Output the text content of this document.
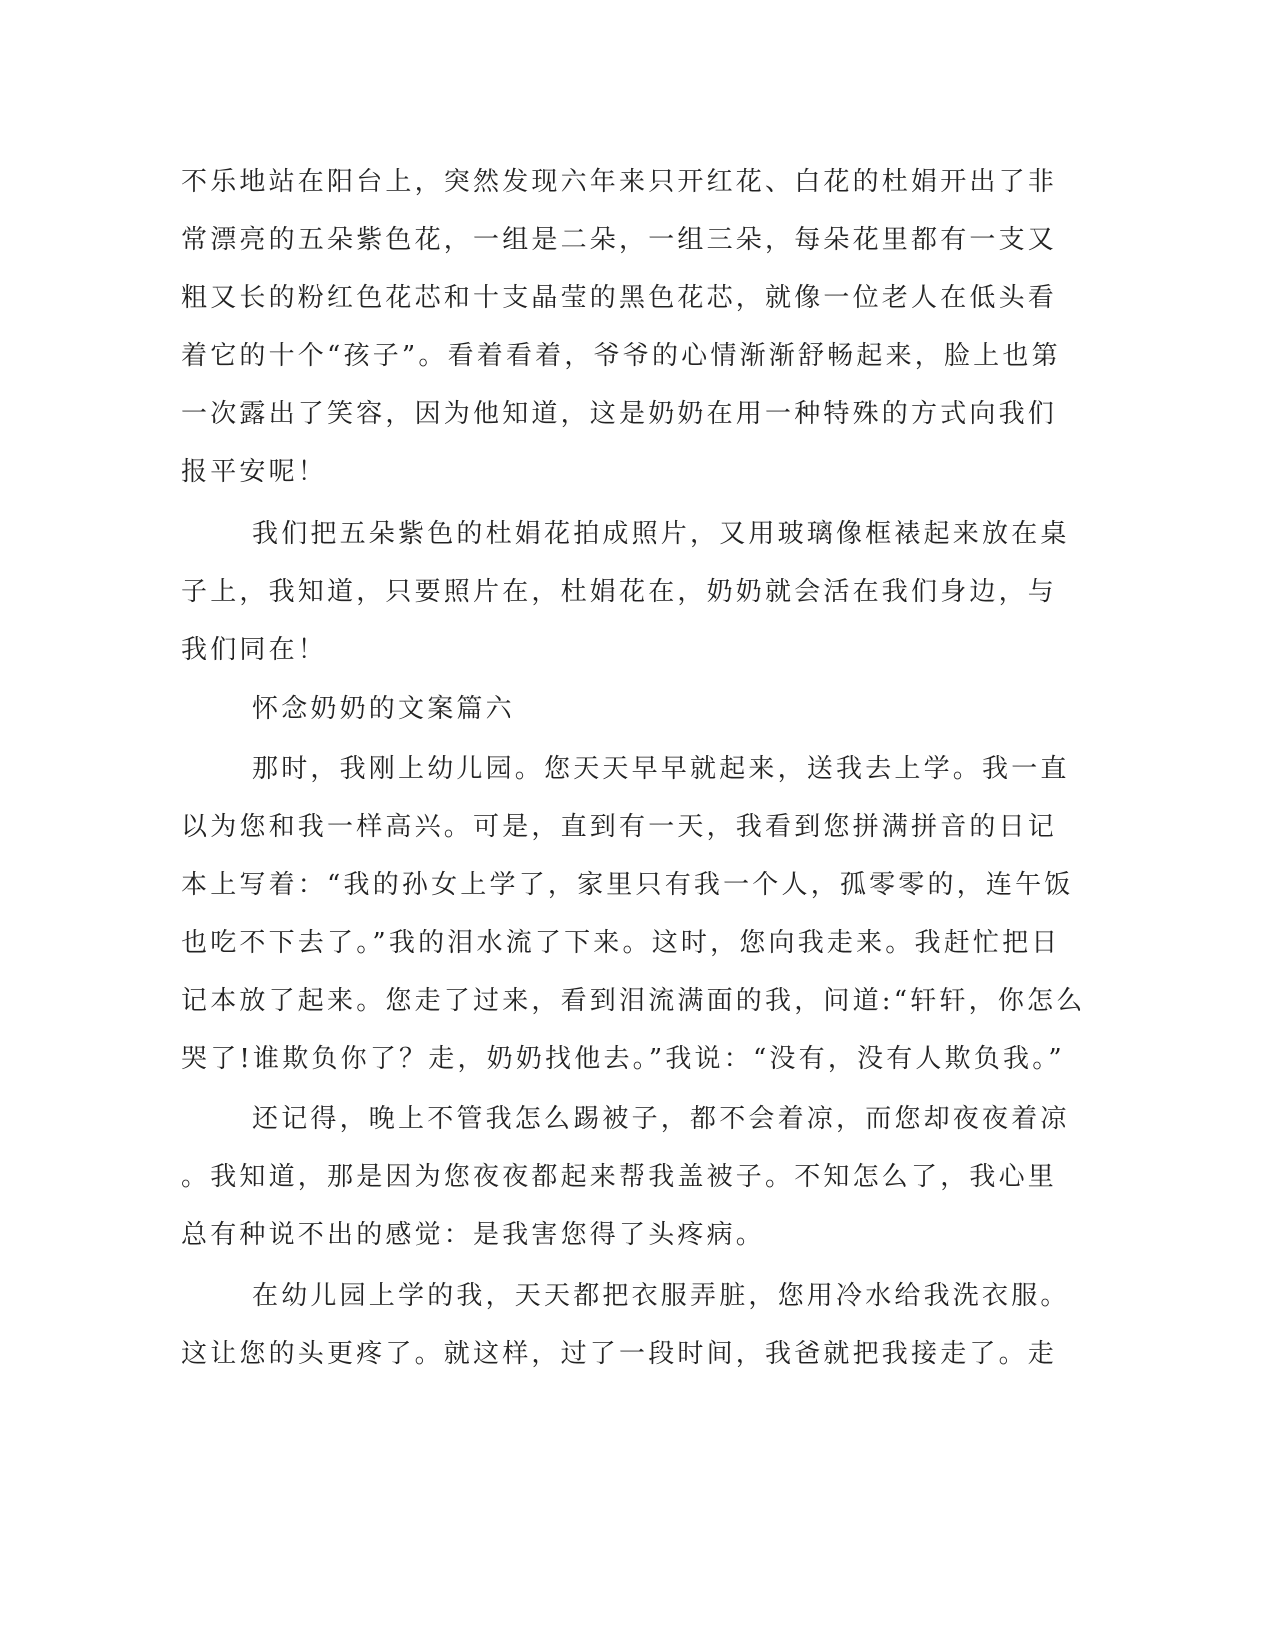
不乐地站在阳台上，突然发现六年来只开红花、白花的杜娟开出了非
常漂亮的五朵紫色花，一组是二朵，一组三朵，每朵花里都有一支又
粗又长的粉红色花芯和十支晶莹的黑色花芯，就像一位老人在低头看
着它的十个“孩子”。看着看着，爷爷的心情渐渐舒畅起来，脸上也第
一次露出了笑容，因为他知道，这是奶奶在用一种特殊的方式向我们
报平安呢！
我们把五朵紫色的杜娟花拍成照片，又用玻璃像框裱起来放在桌
子上，我知道，只要照片在，杜娟花在，奶奶就会活在我们身边，与
我们同在！
怀念奶奶的文案篇六
那时，我刚上幼儿园。您天天早早就起来，送我去上学。我一直
以为您和我一样高兴。可是，直到有一天，我看到您拼满拼音的日记
本上写着：“我的孙女上学了，家里只有我一个人，孤零零的，连午饭
也吃不下去了。”我的泪水流了下来。这时，您向我走来。我赶忙把日
记本放了起来。您走了过来，看到泪流满面的我，问道:“轩轩，你怎么
哭了!谁欺负你了？走，奶奶找他去。”我说：“没有，没有人欺负我。”
还记得，晚上不管我怎么踢被子，都不会着凉，而您却夜夜着凉
。我知道，那是因为您夜夜都起来帮我盖被子。不知怎么了，我心里
总有种说不出的感觉：是我害您得了头疼病。
在幼儿园上学的我，天天都把衣服弄脏，您用冷水给我洗衣服。
这让您的头更疼了。就这样，过了一段时间，我爸就把我接走了。走
